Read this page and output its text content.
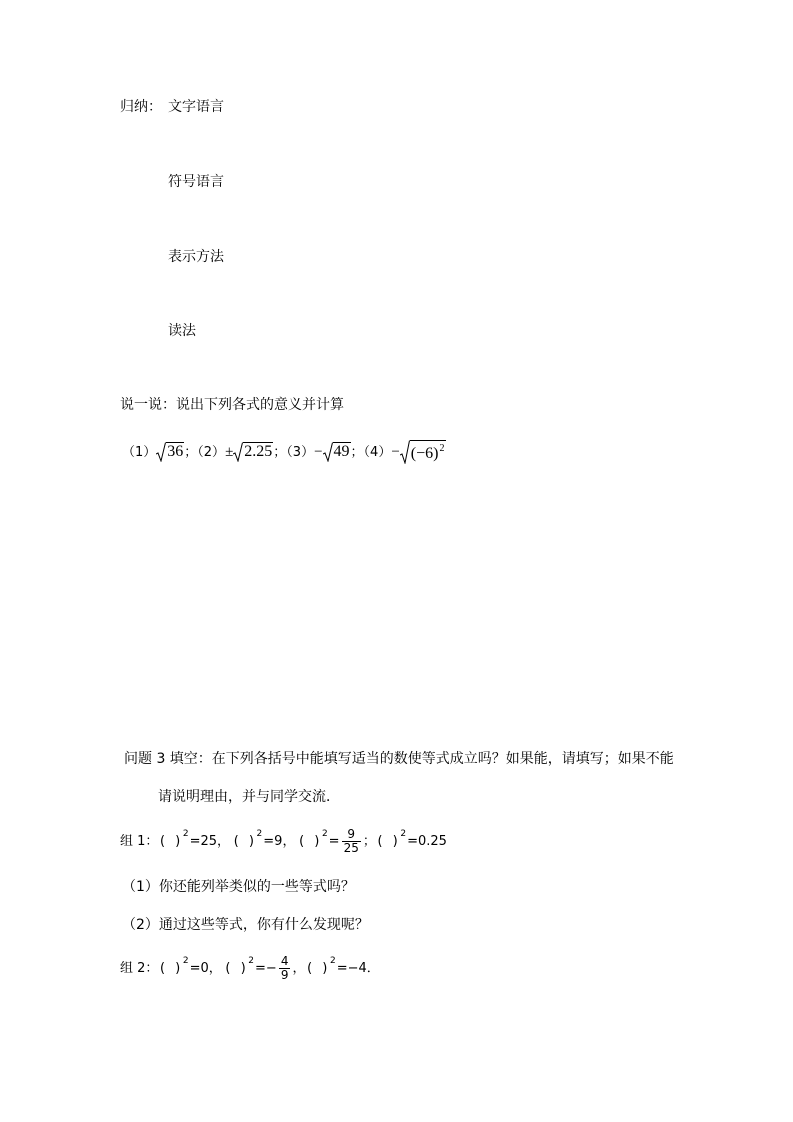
归纳： 文字语言
符号语言
表示方法
读法
说一说：说出下列各式的意义并计算
（1） 36 ；（2） ± 2.25 ；（3） − 49 ；$(4) - (-6)^2$
问题 3 填空：在下列各括号中能填写适当的数使等式成立吗？如果能，请填写；如果不能
请说明理由，并与同学交流．
组 1： ( ) 2 =25， ( ) 2 =9， ( ) $2 = \frac{9}{25}$ ； ( ) 2 =0.25
（1）你还能列举类似的一些等式吗？
（2）通过这些等式，你有什么发现呢？
组 2： ( ) 2 =0， ( ) $2 =- \frac{4}{9}$ ， ( ) 2 =−4．
